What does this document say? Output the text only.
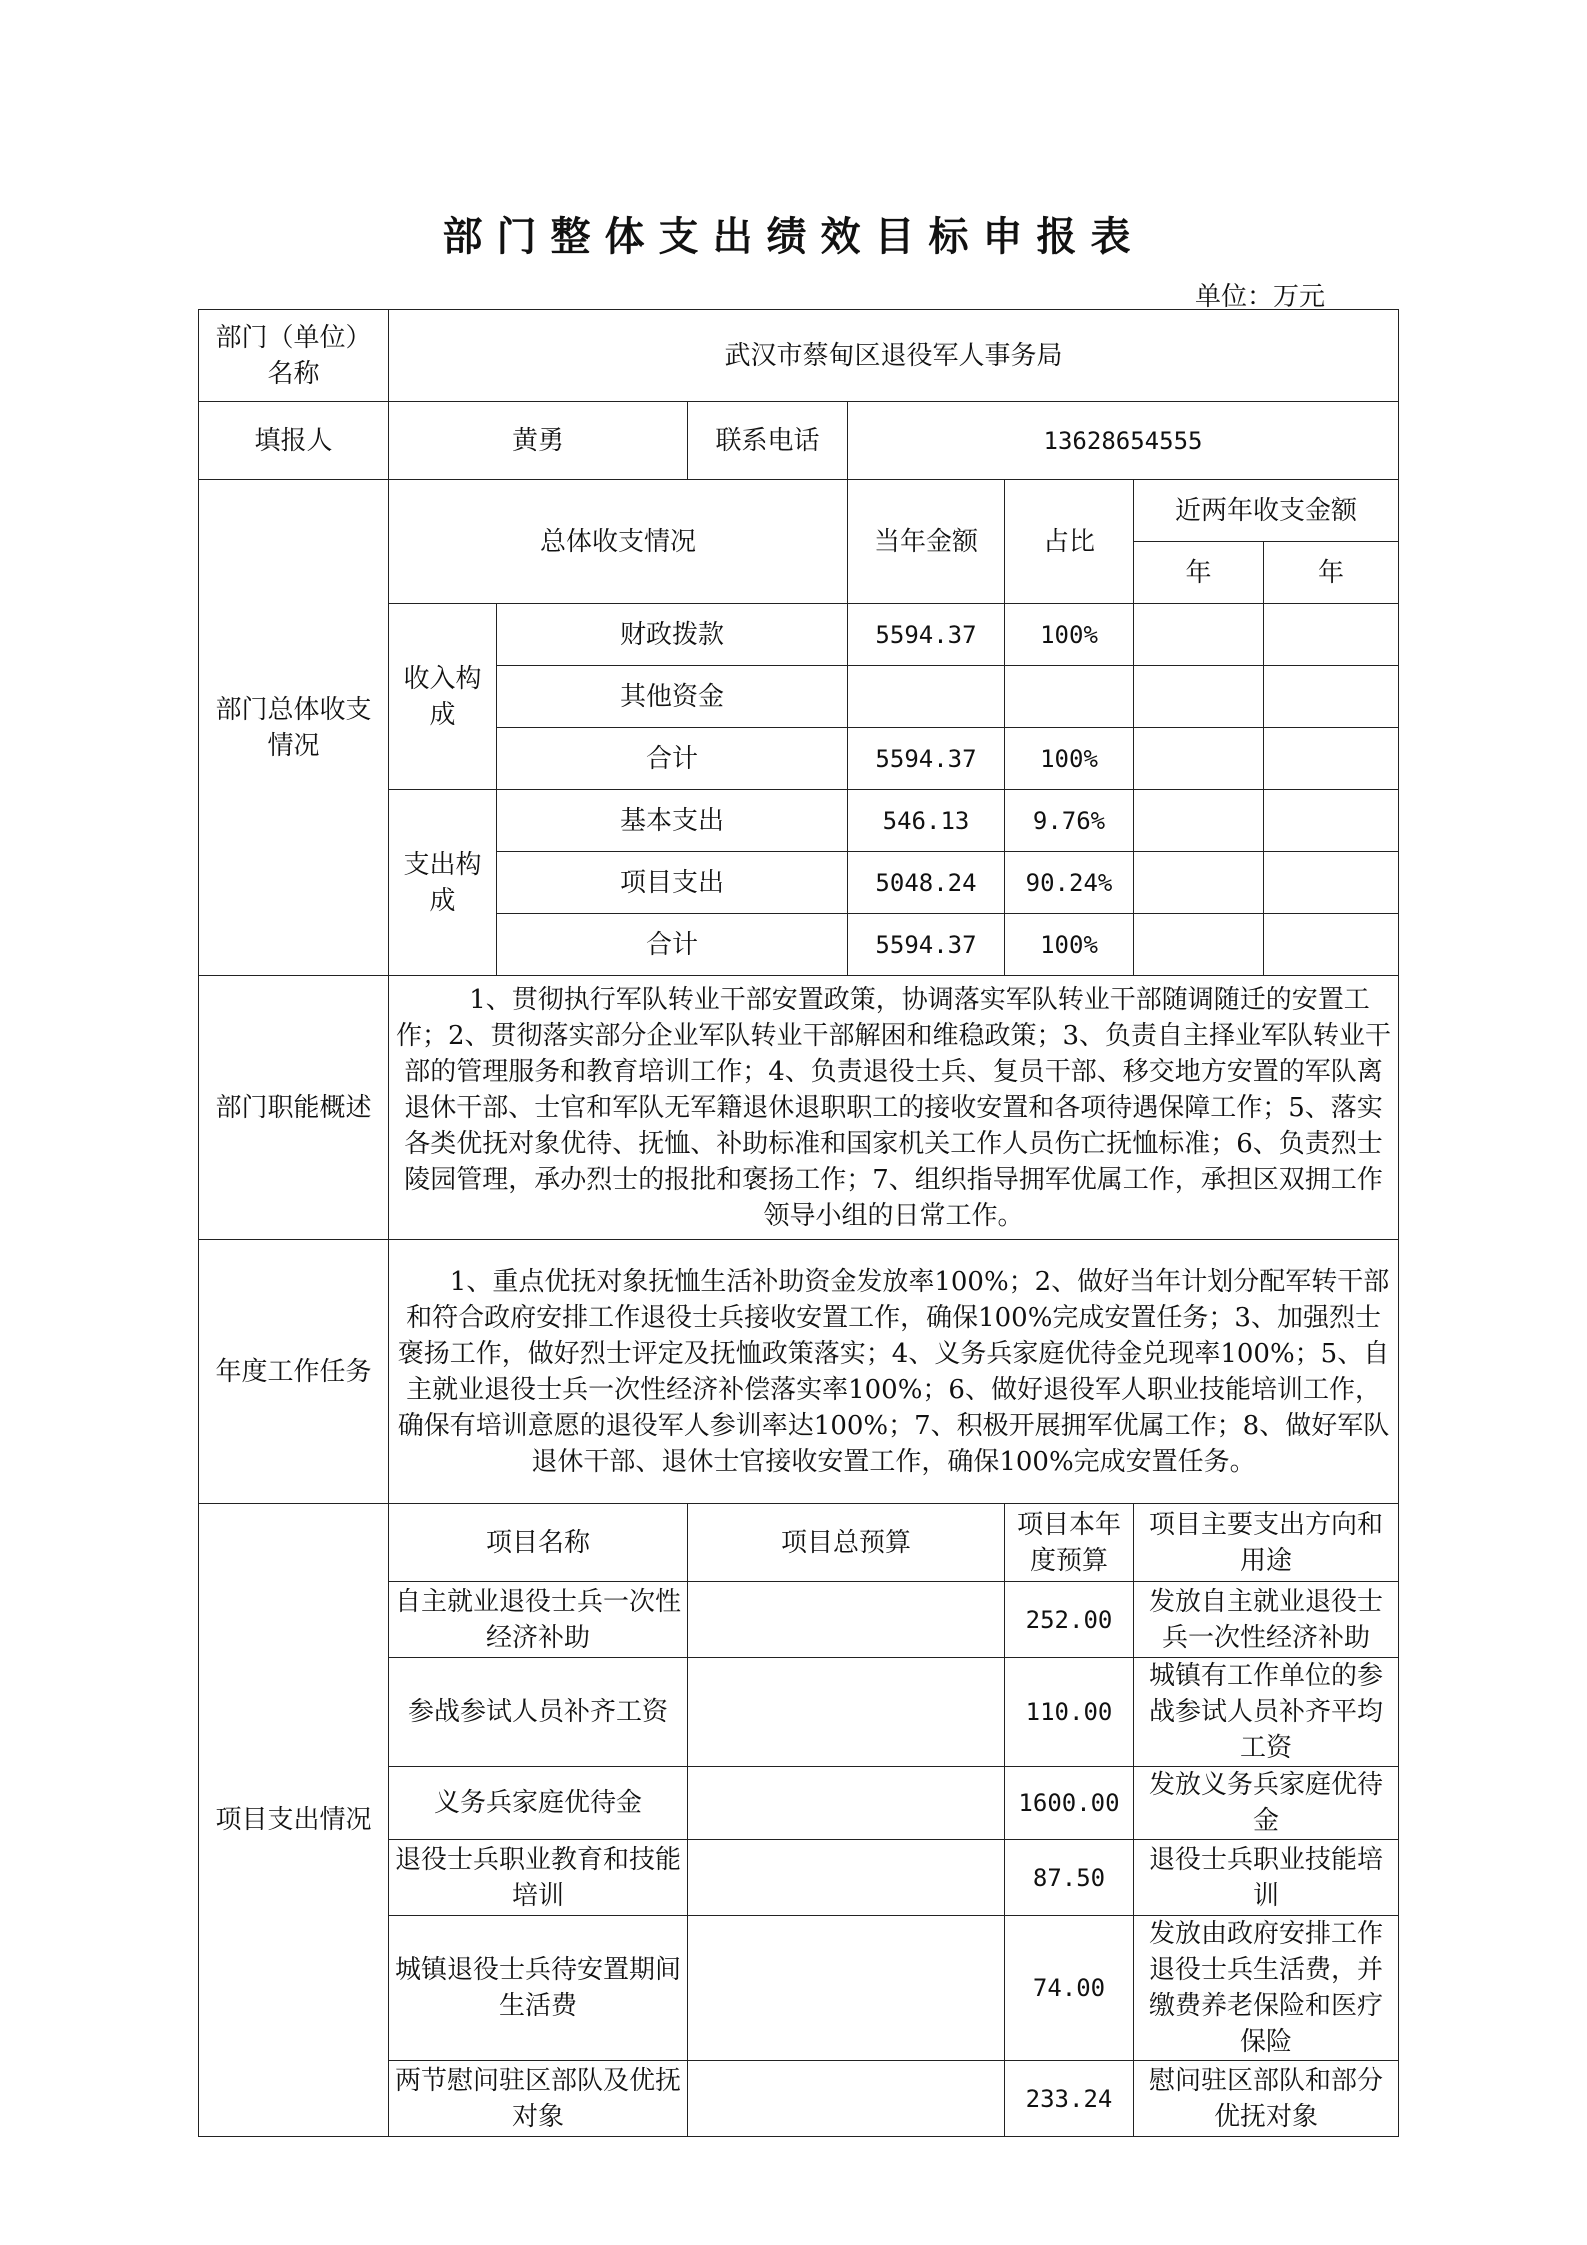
部门整体支出绩效目标申报表
单位：万元
部门（单位）名称	武汉市蔡甸区退役军人事务局						
填报人	黄勇		联系电话	13628654555			
部门总体收支情况	总体收支情况			当年金额	占比	近两年收支金额	
						年	年
	收入构成	财政拨款		5594.37	100%		
		其他资金					
		合计		5594.37	100%		
	支出构成	基本支出		546.13	9.76%		
		项目支出		5048.24	90.24%		
		合计		5594.37	100%		
部门职能概述	1、贯彻执行军队转业干部安置政策，协调落实军队转业干部随调随迁的安置工作；2、贯彻落实部分企业军队转业干部解困和维稳政策；3、负责自主择业军队转业干部的管理服务和教育培训工作；4、负责退役士兵、复员干部、移交地方安置的军队离退休干部、士官和军队无军籍退休退职职工的接收安置和各项待遇保障工作；5、落实各类优抚对象优待、抚恤、补助标准和国家机关工作人员伤亡抚恤标准；6、负责烈士陵园管理，承办烈士的报批和褒扬工作；7、组织指导拥军优属工作，承担区双拥工作领导小组的日常工作。						
年度工作任务	1、重点优抚对象抚恤生活补助资金发放率100%；2、做好当年计划分配军转干部和符合政府安排工作退役士兵接收安置工作，确保100%完成安置任务；3、加强烈士褒扬工作，做好烈士评定及抚恤政策落实；4、义务兵家庭优待金兑现率100%；5、自主就业退役士兵一次性经济补偿落实率100%；6、做好退役军人职业技能培训工作，确保有培训意愿的退役军人参训率达100%；7、积极开展拥军优属工作；8、做好军队退休干部、退休士官接收安置工作，确保100%完成安置任务。						
项目支出情况	项目名称		项目总预算		项目本年度预算	项目主要支出方向和用途	
	自主就业退役士兵一次性经济补助				252.00	发放自主就业退役士兵一次性经济补助	
	参战参试人员补齐工资				110.00	城镇有工作单位的参战参试人员补齐平均工资	
	义务兵家庭优待金				1600.00	发放义务兵家庭优待金	
	退役士兵职业教育和技能培训				87.50	退役士兵职业技能培训	
	城镇退役士兵待安置期间生活费				74.00	发放由政府安排工作退役士兵生活费，并缴费养老保险和医疗保险	
	两节慰问驻区部队及优抚对象				233.24	慰问驻区部队和部分优抚对象	
